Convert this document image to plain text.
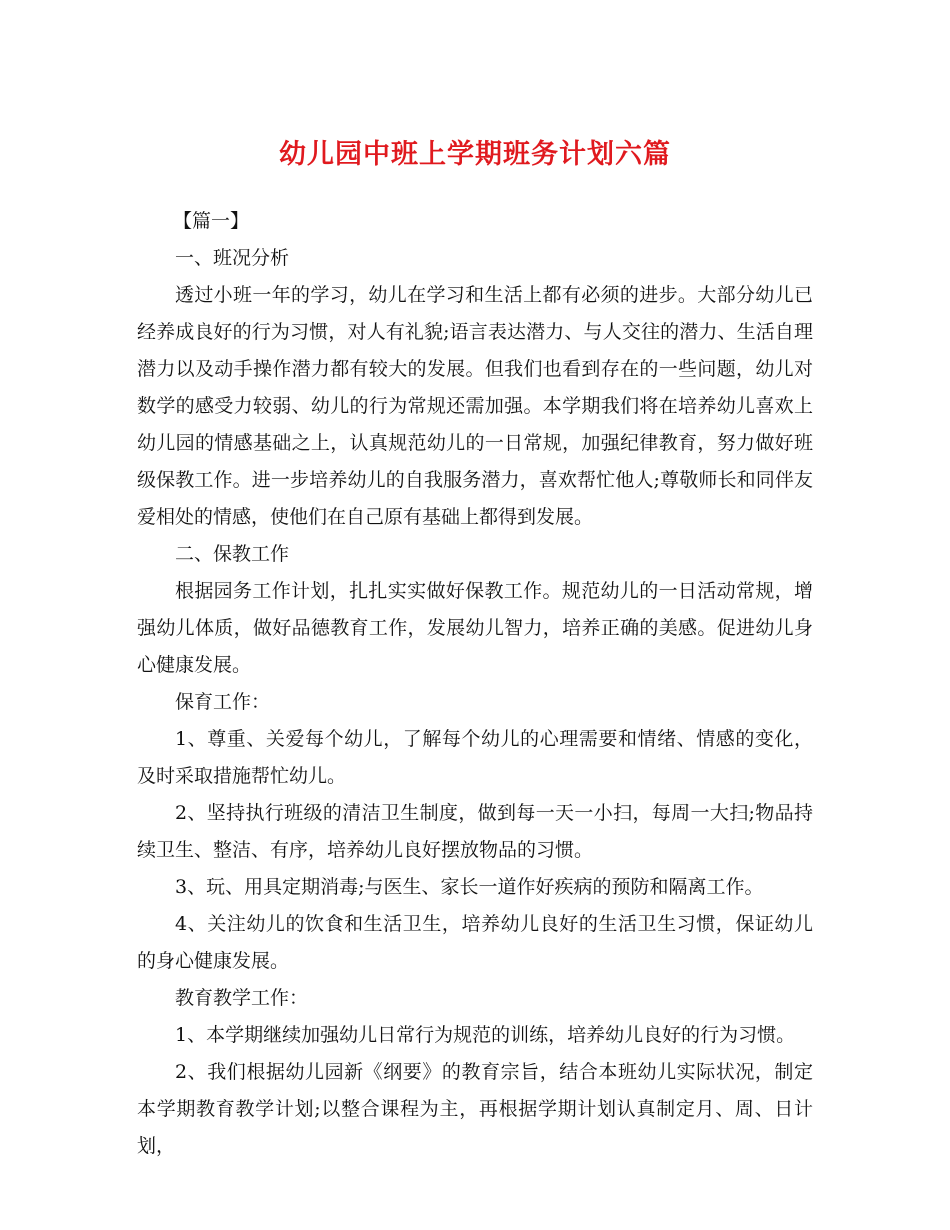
幼儿园中班上学期班务计划六篇

【篇一】

一、班况分析

透过小班一年的学习，幼儿在学习和生活上都有必须的进步。大部分幼儿已经养成良好的行为习惯，对人有礼貌;语言表达潜力、与人交往的潜力、生活自理潜力以及动手操作潜力都有较大的发展。但我们也看到存在的一些问题，幼儿对数学的感受力较弱、幼儿的行为常规还需加强。本学期我们将在培养幼儿喜欢上幼儿园的情感基础之上，认真规范幼儿的一日常规，加强纪律教育，努力做好班级保教工作。进一步培养幼儿的自我服务潜力，喜欢帮忙他人;尊敬师长和同伴友爱相处的情感，使他们在自己原有基础上都得到发展。

二、保教工作

根据园务工作计划，扎扎实实做好保教工作。规范幼儿的一日活动常规，增强幼儿体质，做好品德教育工作，发展幼儿智力，培养正确的美感。促进幼儿身心健康发展。

保育工作：

1、尊重、关爱每个幼儿，了解每个幼儿的心理需要和情绪、情感的变化，及时采取措施帮忙幼儿。

2、坚持执行班级的清洁卫生制度，做到每一天一小扫，每周一大扫;物品持续卫生、整洁、有序，培养幼儿良好摆放物品的习惯。

3、玩、用具定期消毒;与医生、家长一道作好疾病的预防和隔离工作。

4、关注幼儿的饮食和生活卫生，培养幼儿良好的生活卫生习惯，保证幼儿的身心健康发展。

教育教学工作：

1、本学期继续加强幼儿日常行为规范的训练，培养幼儿良好的行为习惯。

2、我们根据幼儿园新《纲要》的教育宗旨，结合本班幼儿实际状况，制定本学期教育教学计划;以整合课程为主，再根据学期计划认真制定月、周、日计划，
